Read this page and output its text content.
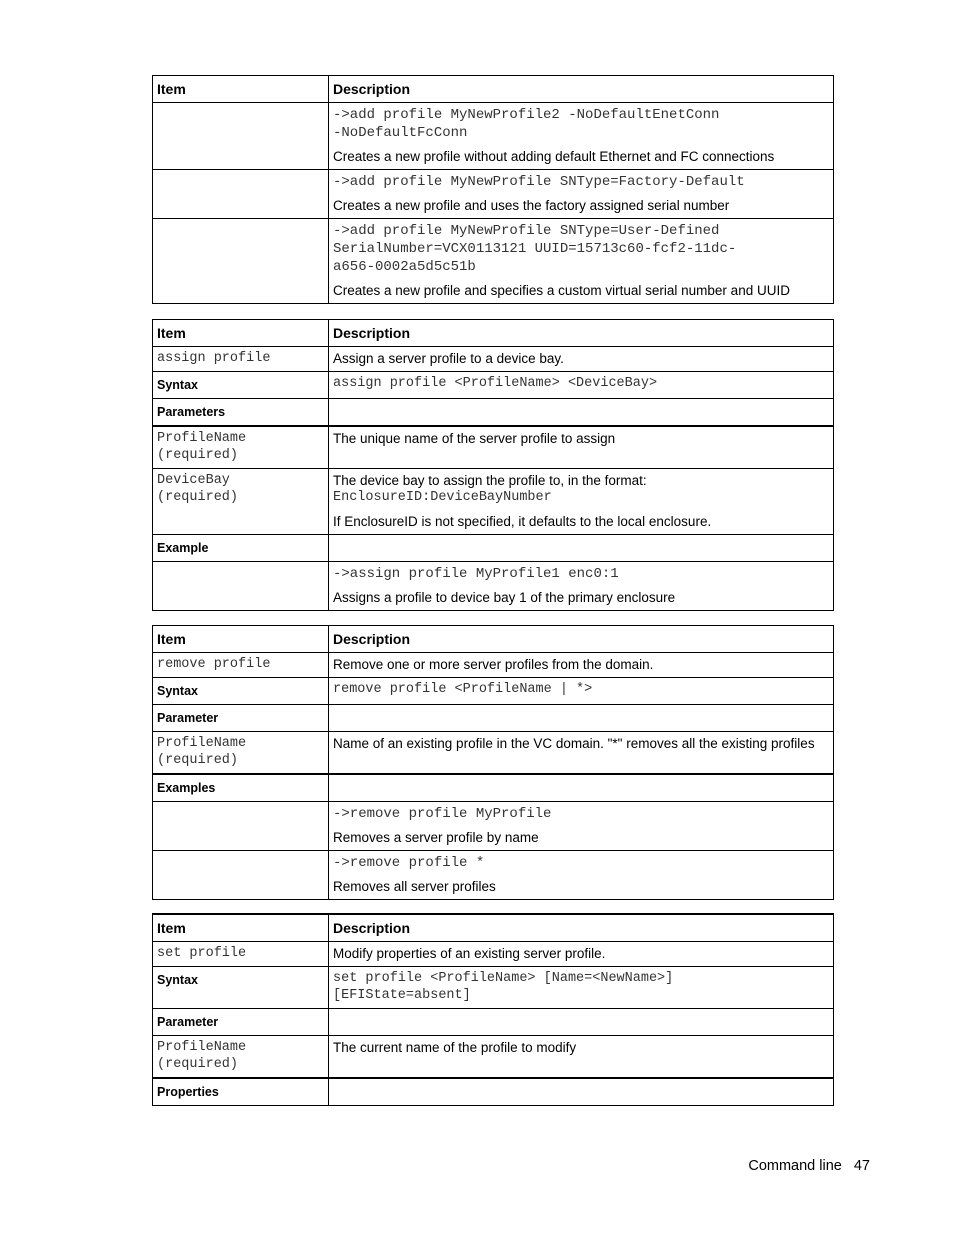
Item	Description

	->add profile MyNewProfile2 -NoDefaultEnetConn
-NoDefaultFcConn
Creates a new profile without adding default Ethernet and FC connections

	->add profile MyNewProfile SNType=Factory-Default
Creates a new profile and uses the factory assigned serial number

	->add profile MyNewProfile SNType=User-Defined
SerialNumber=VCX0113121 UUID=15713c60-fcf2-11dc-
a656-0002a5d5c51b
Creates a new profile and specifies a custom virtual serial number and UUID
Item	Description
assign profile	Assign a server profile to a device bay.
Syntax	assign profile <ProfileName> <DeviceBay>
Parameters	
ProfileName
(required)	The unique name of the server profile to assign
DeviceBay
(required)	The device bay to assign the profile to, in the format:
EnclosureID:DeviceBayNumber
If EnclosureID is not specified, it defaults to the local enclosure.

Example	

	->assign profile MyProfile1 enc0:1
Assigns a profile to device bay 1 of the primary enclosure
Item	Description
remove profile	Remove one or more server profiles from the domain.
Syntax	remove profile <ProfileName | *>
Parameter	
ProfileName
(required)	Name of an existing profile in the VC domain. "*" removes all the existing profiles
Examples	

	->remove profile MyProfile
Removes a server profile by name

	->remove profile *
Removes all server profiles
Item	Description
set profile	Modify properties of an existing server profile.
Syntax	set profile <ProfileName> [Name=<NewName>]
[EFIState=absent]
Parameter	
ProfileName
(required)	The current name of the profile to modify
Properties	
Command line 47
